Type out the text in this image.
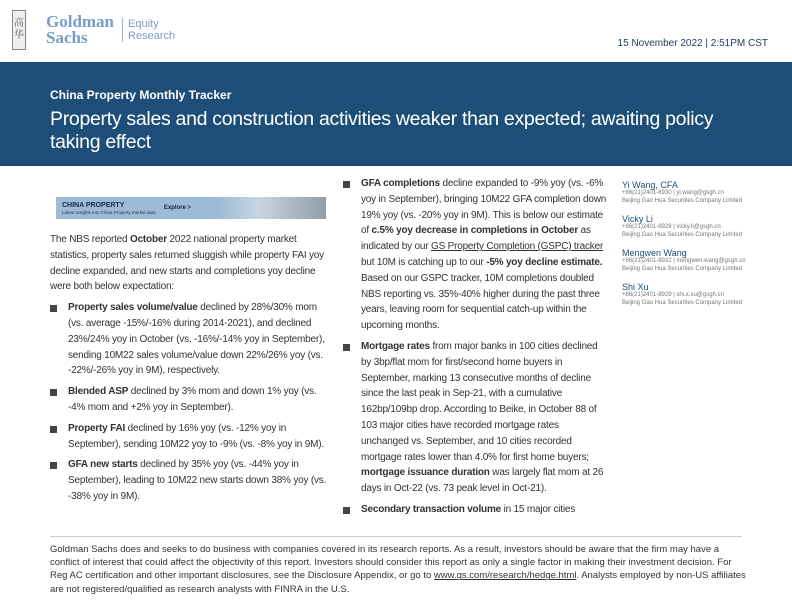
高
华
Goldman
Sachs
Equity
Research
15 November 2022 | 2:51PM CST
China Property Monthly Tracker
Property sales and construction activities weaker than expected; awaiting policy taking effect
CHINA PROPERTY
Latest Insights into China Property market data
Explore >

The NBS reported October 2022 national property market statistics, property sales returned sluggish while property FAI yoy decline expanded, and new starts and completions yoy decline were both below expectation:

Property sales volume/value declined by 28%/30% mom (vs. average -15%/-16% during 2014-2021), and declined 23%/24% yoy in October (vs. -16%/-14% yoy in September), sending 10M22 sales volume/value down 22%/26% yoy (vs. -22%/-26% yoy in 9M), respectively.
Blended ASP declined by 3% mom and down 1% yoy (vs. -4% mom and +2% yoy in September).
Property FAI declined by 16% yoy (vs. -12% yoy in September), sending 10M22 yoy to -9% (vs. -8% yoy in 9M).
GFA new starts declined by 35% yoy (vs. -44% yoy in September), leading to 10M22 new starts down 38% yoy (vs. -38% yoy in 9M).
GFA completions decline expanded to -9% yoy (vs. -6% yoy in September), bringing 10M22 GFA completion down 19% yoy (vs. -20% yoy in 9M). This is below our estimate of c.5% yoy decrease in completions in October as indicated by our GS Property Completion (GSPC) tracker but 10M is catching up to our -5% yoy decline estimate. Based on our GSPC tracker, 10M completions doubled NBS reporting vs. 35%-40% higher during the past three years, leaving room for sequential catch-up within the upcoming months.
Mortgage rates from major banks in 100 cities declined by 3bp/flat mom for first/second home buyers in September, marking 13 consecutive months of decline since the last peak in Sep-21, with a cumulative 162bp/109bp drop. According to Beike, in October 88 of 103 major cities have recorded mortgage rates unchanged vs. September, and 10 cities recorded mortgage rates lower than 4.0% for first home buyers; mortgage issuance duration was largely flat mom at 26 days in Oct-22 (vs. 73 peak level in Oct-21).
Secondary transaction volume in 15 major cities
Yi Wang, CFA
+86(21)2401-8930 | yi.wang@gsgh.cn
Beijing Gao Hua Securities Company Limited
Vicky Li
+86(21)2401-8928 | vicky.li@gsgh.cn
Beijing Gao Hua Securities Company Limited
Mengwen Wang
+86(21)2401-8932 | mengwen.wang@gsgh.cn
Beijing Gao Hua Securities Company Limited
Shi Xu
+86(21)2401-8929 | shi.x.xu@gsgh.cn
Beijing Gao Hua Securities Company Limited

Goldman Sachs does and seeks to do business with companies covered in its research reports. As a result, investors should be aware that the firm may have a conflict of interest that could affect the objectivity of this report. Investors should consider this report as only a single factor in making their investment decision. For Reg AC certification and other important disclosures, see the Disclosure Appendix, or go to www.gs.com/research/hedge.html. Analysts employed by non-US affiliates are not registered/qualified as research analysts with FINRA in the U.S.
